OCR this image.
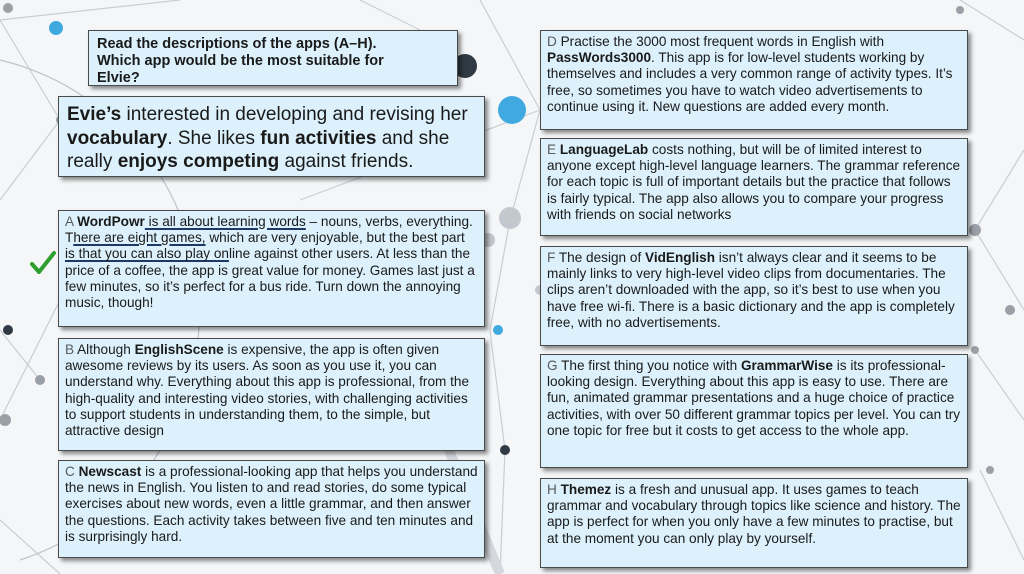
Read the descriptions of the apps (A–H).
Which app would be the most suitable for
Elvie?
Evie’s interested in developing and revising her vocabulary. She likes fun activities and she really enjoys competing against friends.
A WordPowr is all about learning words – nouns, verbs, everything. There are eight games, which are very enjoyable, but the best part is that you can also play online against other users. At less than the price of a coffee, the app is great value for money. Games last just a few minutes, so it’s perfect for a bus ride. Turn down the annoying music, though!
B Although EnglishScene is expensive, the app is often given awesome reviews by its users. As soon as you use it, you can understand why. Everything about this app is professional, from the high-quality and interesting video stories, with challenging activities to support students in understanding them, to the simple, but attractive design
C Newscast is a professional-looking app that helps you understand the news in English. You listen to and read stories, do some typical exercises about new words, even a little grammar, and then answer the questions. Each activity takes between five and ten minutes and is surprisingly hard.
D Practise the 3000 most frequent words in English with PassWords3000. This app is for low-level students working by themselves and includes a very common range of activity types. It’s free, so sometimes you have to watch video advertisements to continue using it. New questions are added every month.
E LanguageLab costs nothing, but will be of limited interest to anyone except high-level language learners. The grammar reference for each topic is full of important details but the practice that follows is fairly typical. The app also allows you to compare your progress with friends on social networks
F The design of VidEnglish isn’t always clear and it seems to be mainly links to very high-level video clips from documentaries. The clips aren’t downloaded with the app, so it’s best to use when you have free wi-fi. There is a basic dictionary and the app is completely free, with no advertisements.
G The first thing you notice with GrammarWise is its professional-looking design. Everything about this app is easy to use. There are fun, animated grammar presentations and a huge choice of practice activities, with over 50 different grammar topics per level. You can try one topic for free but it costs to get access to the whole app.
H Themez is a fresh and unusual app. It uses games to teach grammar and vocabulary through topics like science and history. The app is perfect for when you only have a few minutes to practise, but at the moment you can only play by yourself.
